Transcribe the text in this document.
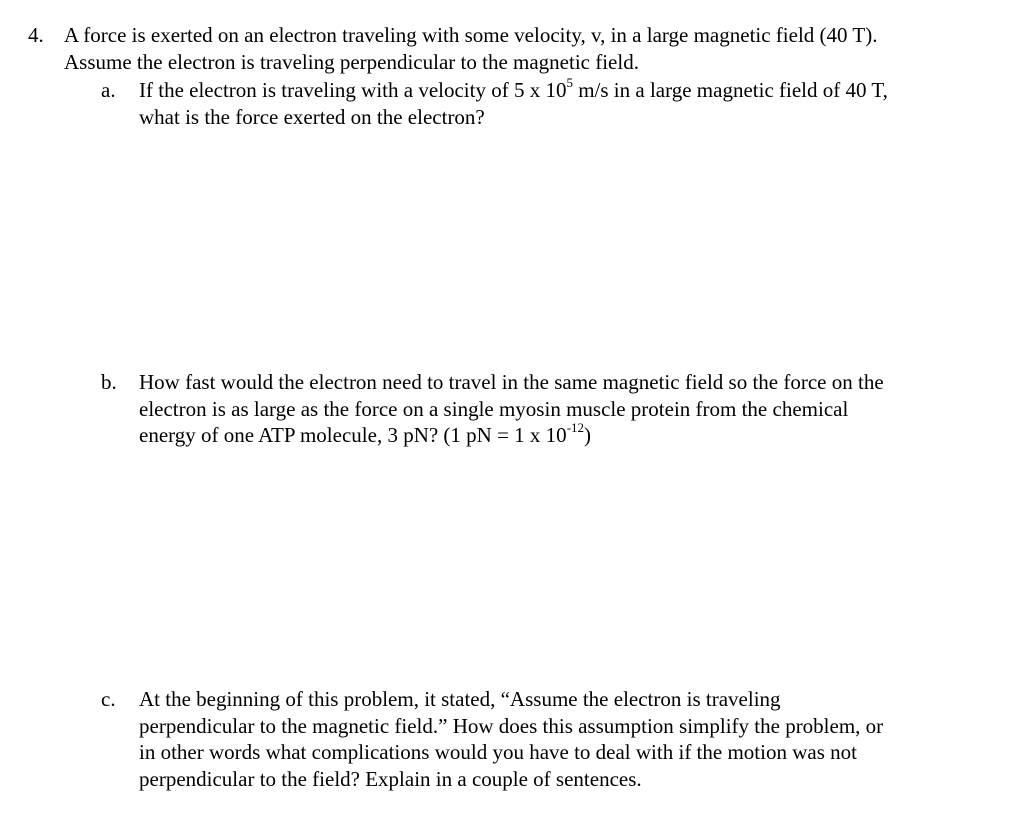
4. A force is exerted on an electron traveling with some velocity, v, in a large magnetic field (40 T).
Assume the electron is traveling perpendicular to the magnetic field.
a. If the electron is traveling with a velocity of 5 x $10^5$ m/s in a large magnetic field of 40 T,
what is the force exerted on the electron?
b. How fast would the electron need to travel in the same magnetic field so the force on the
electron is as large as the force on a single myosin muscle protein from the chemical
energy of one ATP molecule, 3 pN? (1 pN = 1 x $10^{-12}$)
c. At the beginning of this problem, it stated, “Assume the electron is traveling
perpendicular to the magnetic field.” How does this assumption simplify the problem, or
in other words what complications would you have to deal with if the motion was not
perpendicular to the field? Explain in a couple of sentences.
